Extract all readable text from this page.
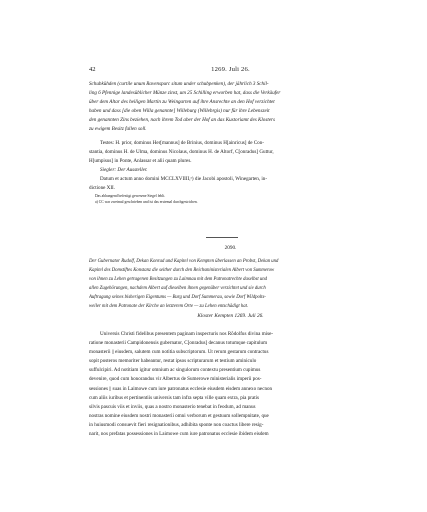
42	1269. Juli 26.
Schubkühden (curtile unum Ravenspurc situm under schubpenken), der jährlich 3 Schil-
ling 6 Pfennige landesüblicher Münze zinst, um 25 Schilling erworben hat, dass die Verkäufer
über dem Altar des heiligen Martin zu Weingarten auf ihre Ansrechte an den Hof verzichtet
haben und dass [die oben Willa genannte] Willeburg (Willebrgis) nur für ihre Lebenszeit
den genannten Zins beziehen, nach ihrem Tod aber der Hof an das Kustoriamt des Klosters
zu ewigem Besitz fallen soll.
Testes: H. prior, dominus Her[mannus] de Brinius, dominus H[ainricus] de Con-
stantia, dominus H. de Ulma, dominus Nicolaus, dominus H. de Altorf, C[onradus] Guttur,
H[umpisus] in Ponte, Anlassar et alii quam plures.
Siegler: Der Aussteller.
Datum et actum anno domini MCCLXVIIII,ᵃ) die Jacobi apostoli, Winegarten, in-
dictione XII.
Das abhangend befestigt gewesene Siegel fehlt.
a) CC war zweimal geschrieben und ist das erstemal durchgestrichen.
2090.
Der Gubernator Rudolf, Dekan Konrad und Kapitel von Kempten überlassen an Probst, Dekan und
Kapitel des Domstiftes Konstanz die seither durch den Reichsministerialen Albert von Summerow
von ihnen zu Lehen getragenen Besitzungen zu Laimnau mit dem Patronatrechte daselbst und
allen Zugehörungen, nachdem Albert auf dieselben ihnen gegenüber verzichtet und sie durch
Auftragung seines bisherigen Eigentums — Burg und Dorf Summerau, sowie Dorf Wildpolts-
weiler mit dem Patronate der Kirche an letzterem Orte — zu Lehen entschädigt hat.
Kloster Kempten 1269. Juli 26.
Universis Christi fidelibus presentem paginam inspecturis nos Rŏdolfus divina mise-
ratione monasterii Campidonensis gubernator, C[onradus] decanus totumque capitulum
monasterii || eiusdem, salutem cum notitia subscriptorum. Ut rerum gestarum contractus
sopit posteros memoriter habeantur, restat ipsos scripturarum et testium aminiculo
suffulcipiri. Ad notitiam igitur omnium ac singulorum contextu presentium cupimus
devenire, quod cum honorandus vir Albertus de Sumerowe ministerialis imperii pos-
sessiones || suas in Laimowe cum iure patronatus ecclesie eiusdem eisdem annexo necnon
cum aliis iuribus et pertinentiis universis tam infra septa ville quam extra, pia pratis
silvis pascuis viis et inviis, quas a nostro monasterio tenebat in feodum, ad manus
nostras nomine eiusdem nostri monasterii omni verborum et gestuum sollempnitate, que
in huiusmodi consuevit fieri resignationibus, adhibita sponte non coactus libere resig-
narit, nos prefatas possessiones in Laimowe cum iure patronatus ecclesie ibidem eisdem
